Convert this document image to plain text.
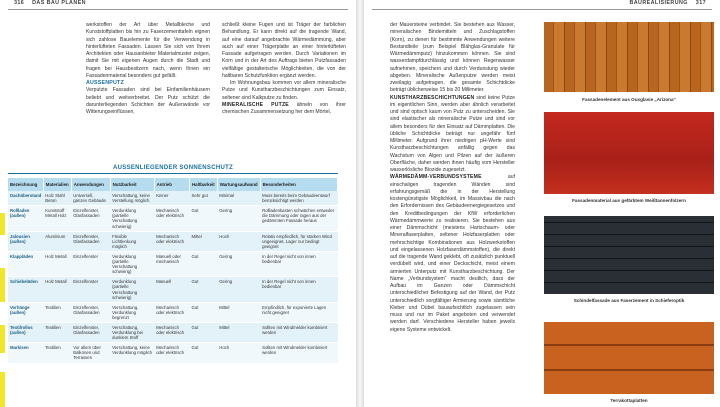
316 DAS BAU PLANEN

werkstoffen der Art über Metallbleche und Kunststoffplatten bis hin zu Faserzementtafeln eignen sich zahlose Bauelemente für die Verwendung in hinterlüfteten Fassaden. Lassen Sie sich von Ihrem Architekten oder Hausanbieter Materialmuster zeigen, damit Sie mit eigenen Augen durch die Stadt und fragen bei Hausbesitzern nach, wenn Ihnen ein Fassadenmaterial besonders gut gefällt.

AUSSENPUTZ

Verputzte Fassaden sind bei Einfamilienhäusern beliebt und weitverbreitet. Der Putz schützt die darunterliegenden Schichten der Außenwände vor Witterungseinflüssen,

schließt kleine Fugen und ist Träger der farblichen Behandlung. Er kann direkt auf die tragende Wand, auf eine darauf angebrachte Wärmedämmung, aber auch auf einer Trägerplatte an einer hinterlüfteten Fassade aufgetragen werden. Durch Variationen im Korn und in der Art des Auftrags bieten Putzfassaden vielfältige gestalterische Möglichkeiten, die von der haltbaren Schutzfunktion ergänzt werden.

Im Wohnungsbau kommen vor allem mineralische Putze und Kunstharzbeschichtungen zum Einsatz, seltener sind Kalkputze zu finden.

MINERALISCHE PUTZE ähneln von ihrer chemischen Zusammensetzung her dem Mörtel,

AUSSENLIEGENDER SONNENSCHUTZ
Bezeichnung	Materialien	Anwendungen	Nutzbarkeit	Antrieb	Haltbarkeit	Wartungsaufwand	Besonderheiten
Dachüberstand	Holz Stahl Beton	Universell, ganzes Gebäude	Verschattung, keine Verstellung möglich	Keiner	Sehr gut	Minimal	Muss bereits beim Gebäudeentwurf berücksichtigt werden
Rollladen (außen)	Kunststoff Metall Holz	Einzelfenster, Glasfassaden	Verdunklung (partielle Verschattung schwierig)	Mechanisch oder elektrisch	Gut	Gering	Rollladenkasten schwächen entweder die Dämmung oder ragen aus der gedämmten Fassade heraus
Jalousien (außen)	Aluminium	Einzelfenster, Glasfassaden	Flexible Lichtlenkung möglich	Mechanisch oder elektrisch	Mittel	Hoch	Relativ empfindlich, für starken Wind ungeeignet, Lager nur bedingt geeignet
Klappläden	Holz Metall	Einzelfenster	Verdunklung (partielle Verschattung schwierig)	Manuell oder mechanisch	Gut	Gering	In der Regel nicht von innen bedienbar
Schiebeläden	Holz Metall	Einzelfenster	Verdunklung (partielle Verschattung schwierig)	Manuell	Gut	Gering	In der Regel nicht von innen bedienbar
Vorhänge (außen)	Textilien	Einzelfenster, Glasfassaden	Verschattung, Verdunklung begrenzt	Mechanisch oder elektrisch	Gut	Mittel	Empfindlich, für exponierte Lagen nicht geeignet
Textilrollos (außen)	Textilien	Einzelfenster, Glasfassaden	Verschattung, Verdunklung bei dunklem Stoff	Mechanisch oder elektrisch	Gut	Mittel	Sollten mit Windmelder kombiniert werden
Markisen	Textilien	Vor allem über Balkonen und Terrassen	Verschattung, keine Verdunklung möglich	Mechanisch oder elektrisch	Gut	Hoch	Sollten mit Windmelder kombiniert werden
BAUREALISIERUNG 317

der Mauersteine verbindet. Sie bestehen aus Wasser, mineralischen Bindemitteln und Zuschlagstoffen (Korn), zu denen für bestimmte Anwendungen weitere Bestandteile (zum Beispiel Blähglas-Granulate für Wärmedämmputz) hinzukommen können. Sie sind wasserdampfdurchlässig und können Regenwasser aufnehmen, speichern und durch Verdunstung wieder abgeben. Mineralische Außenputze werden meist zweilagig aufgetragen, die gesamte Schichtdicke beträgt üblicherweise 15 bis 20 Millimeter.

KUNSTHARZBESCHICHTUNGEN sind keine Putze im eigentlichen Sinn, werden aber ähnlich verarbeitet und sind optisch kaum von Putz zu unterscheiden. Sie sind elastischer als mineralische Putze und sind vor allem besonders für den Einsatz auf Dämmplatten. Die übliche Schichtdicke beträgt nur ungefähr fünf Millimeter. Aufgrund ihrer niedrigen pH-Werte sind Kunstharzbeschichtungen anfällig gegen das Wachstum von Algen und Pilzen auf der äußeren Oberfläche, daher werden ihnen häufig vom Hersteller wasserlösliche Biozide zugesetzt.

WÄRMEDÄMM-VERBUNDSYSTEME	auf einschaligen tragenden Wänden sind erfahrungsgemäß die in der Herstellung kostengünstigste Möglichkeit, im Massivbau die nach den Erfordernissen des Gebäudeenergiegesetzes und den Kreditbedingungen der KfW erforderlichen Wärmedämmwerte zu realisieren. Sie bestehen aus einer Dämmschicht (meistens Hartschaum- oder Mineralfaserplatten, seltener Holzfaserplatten oder mehrschichtige Kombinationen aus Holzwerkstoffen und eingelassenen Holzfaserdämmstoffen), die direkt auf die tragende Wand geklebt, oft zusätzlich punktuell verdübelt wird, und einer Deckschicht, meist einem armierten Unterputz mit Kunstharzbeschichtung. Der Name „Verbundsystem“ macht deutlich, dass der Aufbau im Ganzen oder Dämmschicht unterschiedlicher Befestigung auf der Wand, der Putz unterschiedlich sorgfältiger Armierung sowie sämtliche Kleber und Dübel bauaufsichtlich zugelassen sein muss und nur im Paket angeboten und verwendet werden darf. Verschiedene Hersteller haben jeweils eigene Systeme entwickelt.

Fassadenelement aus Ouxglasie „Arizona“
Fassadenmaterial aus gefärbtem Weißtannenfolzern
Schindelfassade aus Faserzement in Schieferoptik
Terrakottaplatten
